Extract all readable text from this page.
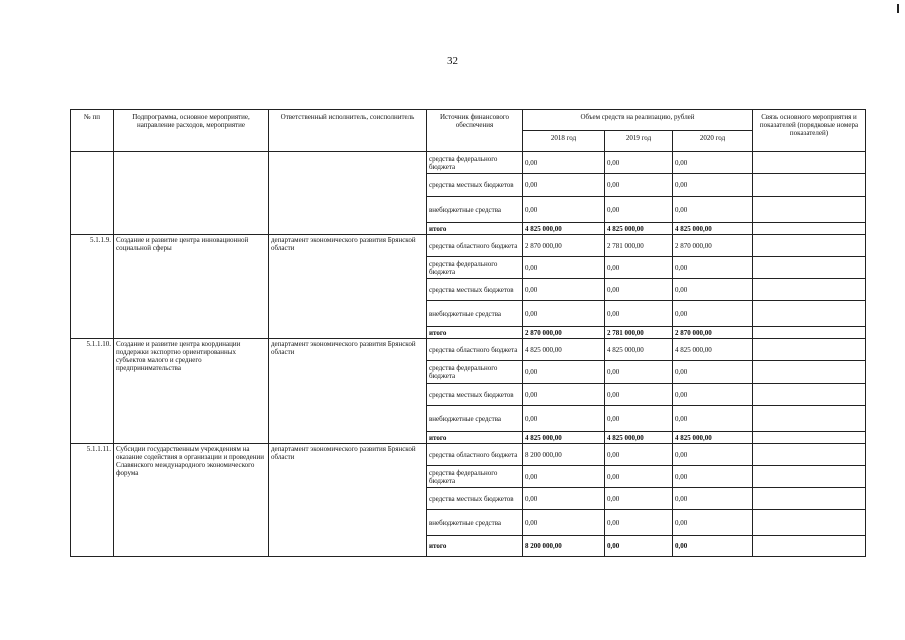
32
№ пп	Подпрограмма, основное мероприятие, направление расходов, мероприятие	Ответственный исполнитель, соисполнитель	Источник финансового обеспечения	Объем средств на реализацию, рублей			Связь основного мероприятия и показателей (порядковые номера показателей)
				2018 год	2019 год	2020 год	
			средства федерального бюджета	0,00	0,00	0,00	
			средства местных бюджетов	0,00	0,00	0,00	
			внебюджетные средства	0,00	0,00	0,00	
			итого	4 825 000,00	4 825 000,00	4 825 000,00	
5.1.1.9.	Создание и развитие центра инновационной социальной сферы	департамент экономического развития Брянской области	средства областного бюджета	2 870 000,00	2 781 000,00	2 870 000,00	
			средства федерального бюджета	0,00	0,00	0,00	
			средства местных бюджетов	0,00	0,00	0,00	
			внебюджетные средства	0,00	0,00	0,00	
			итого	2 870 000,00	2 781 000,00	2 870 000,00	
5.1.1.10.	Создание и развитие центра координации поддержки экспортно ориентированных субъектов малого и среднего предпринимательства	департамент экономического развития Брянской области	средства областного бюджета	4 825 000,00	4 825 000,00	4 825 000,00	
			средства федерального бюджета	0,00	0,00	0,00	
			средства местных бюджетов	0,00	0,00	0,00	
			внебюджетные средства	0,00	0,00	0,00	
			итого	4 825 000,00	4 825 000,00	4 825 000,00	
5.1.1.11.	Субсидии государственным учреждениям на оказание содействия в организации и проведении Славянского международного экономического форума	департамент экономического развития Брянской области	средства областного бюджета	8 200 000,00	0,00	0,00	
			средства федерального бюджета	0,00	0,00	0,00	
			средства местных бюджетов	0,00	0,00	0,00	
			внебюджетные средства	0,00	0,00	0,00	
			итого	8 200 000,00	0,00	0,00	
